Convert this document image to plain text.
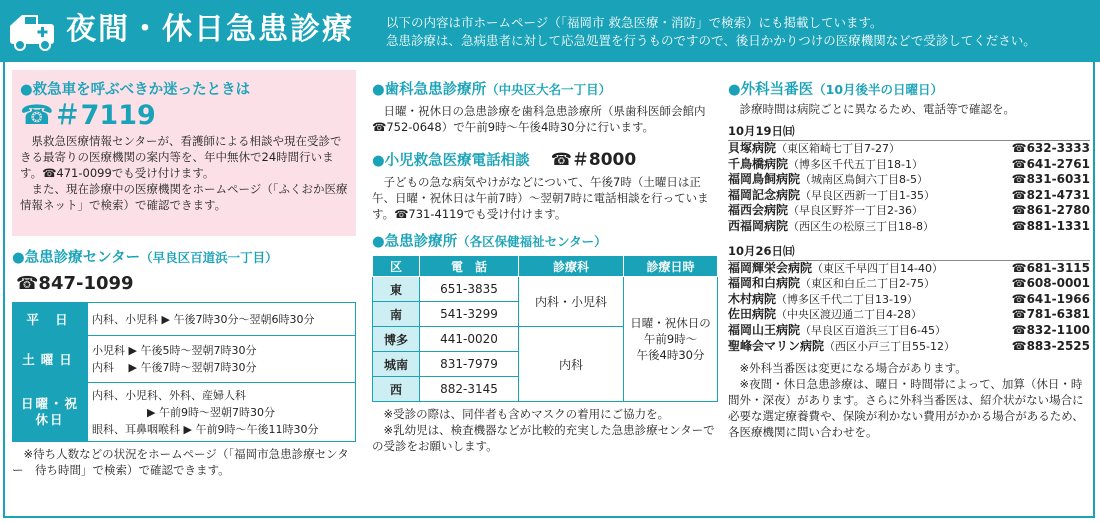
夜間・休日急患診療	以下の内容は市ホームページ（「福岡市 救急医療・消防」で検索）にも掲載しています。
急患診療は、急病患者に対して応急処置を行うものですので、後日かかりつけの医療機関などで受診してください。
●救急車を呼ぶべきか迷ったときは
☎＃7119

県救急医療情報センターが、看護師による相談や現在受診できる最寄りの医療機関の案内等を、年中無休で24時間行います。☎471-0099でも受け付けます。

また、現在診療中の医療機関をホームページ（「ふくおか医療情報ネット」で検索）で確認できます。

●急患診療センター（早良区百道浜一丁目）
☎847-1099
平 日	内科、小児科 ▶ 午後7時30分～翌朝6時30分

土曜日	小児科 ▶ 午後5時～翌朝7時30分
内科　 ▶ 午後7時～翌朝7時30分

日曜・祝休日	内科、小児科、外科、産婦人科
　　　　　▶ 午前9時～翌朝7時30分
眼科、耳鼻咽喉科 ▶ 午前9時～午後11時30分

※待ち人数などの状況をホームページ（「福岡市急患診療センター　待ち時間」で検索）で確認できます。

●歯科急患診療所（中央区大名一丁目）

日曜・祝休日の急患診療を歯科急患診療所（県歯科医師会館内☎752-0648）で午前9時～午後4時30分に行います。

●小児救急医療電話相談 ☎＃8000

子どもの急な病気やけがなどについて、午後7時（土曜日は正午、日曜・祝休日は午前7時）～翌朝7時に電話相談を行っています。☎731-4119でも受け付けます。

●急患診療所（各区保健福祉センター）
区	電　話	診療科	診療日時
東	651-3835	内科・小児科	日曜・祝休日の
午前9時～
午後4時30分

南	541-3299		
博多	441-0020	内科	
城南	831-7979		
西	882-3145		

※受診の際は、同伴者も含めマスクの着用にご協力を。

※乳幼児は、検査機器などが比較的充実した急患診療センターでの受診をお願いします。

●外科当番医（10月後半の日曜日）

診療時間は病院ごとに異なるため、電話等で確認を。

10月19日㈰
貝塚病院（東区箱崎七丁目7-27）	☎632-3333
千鳥橋病院（博多区千代五丁目18-1）	☎641-2761
福岡鳥飼病院（城南区鳥飼六丁目8-5）	☎831-6031
福岡記念病院（早良区西新一丁目1-35）	☎821-4731
福西会病院（早良区野芥一丁目2-36）	☎861-2780
西福岡病院（西区生の松原三丁目18-8）	☎881-1331
10月26日㈰
福岡輝栄会病院（東区千早四丁目14-40）	☎681-3115
福岡和白病院（東区和白丘二丁目2-75）	☎608-0001
木村病院（博多区千代二丁目13-19）	☎641-1966
佐田病院（中央区渡辺通二丁目4-28）	☎781-6381
福岡山王病院（早良区百道浜三丁目6-45）	☎832-1100
聖峰会マリン病院（西区小戸三丁目55-12）	☎883-2525

※外科当番医は変更になる場合があります。

※夜間・休日急患診療は、曜日・時間帯によって、加算（休日・時間外・深夜）があります。さらに外科当番医は、紹介状がない場合に必要な選定療養費や、保険が利かない費用がかかる場合があるため、各医療機関に問い合わせを。
